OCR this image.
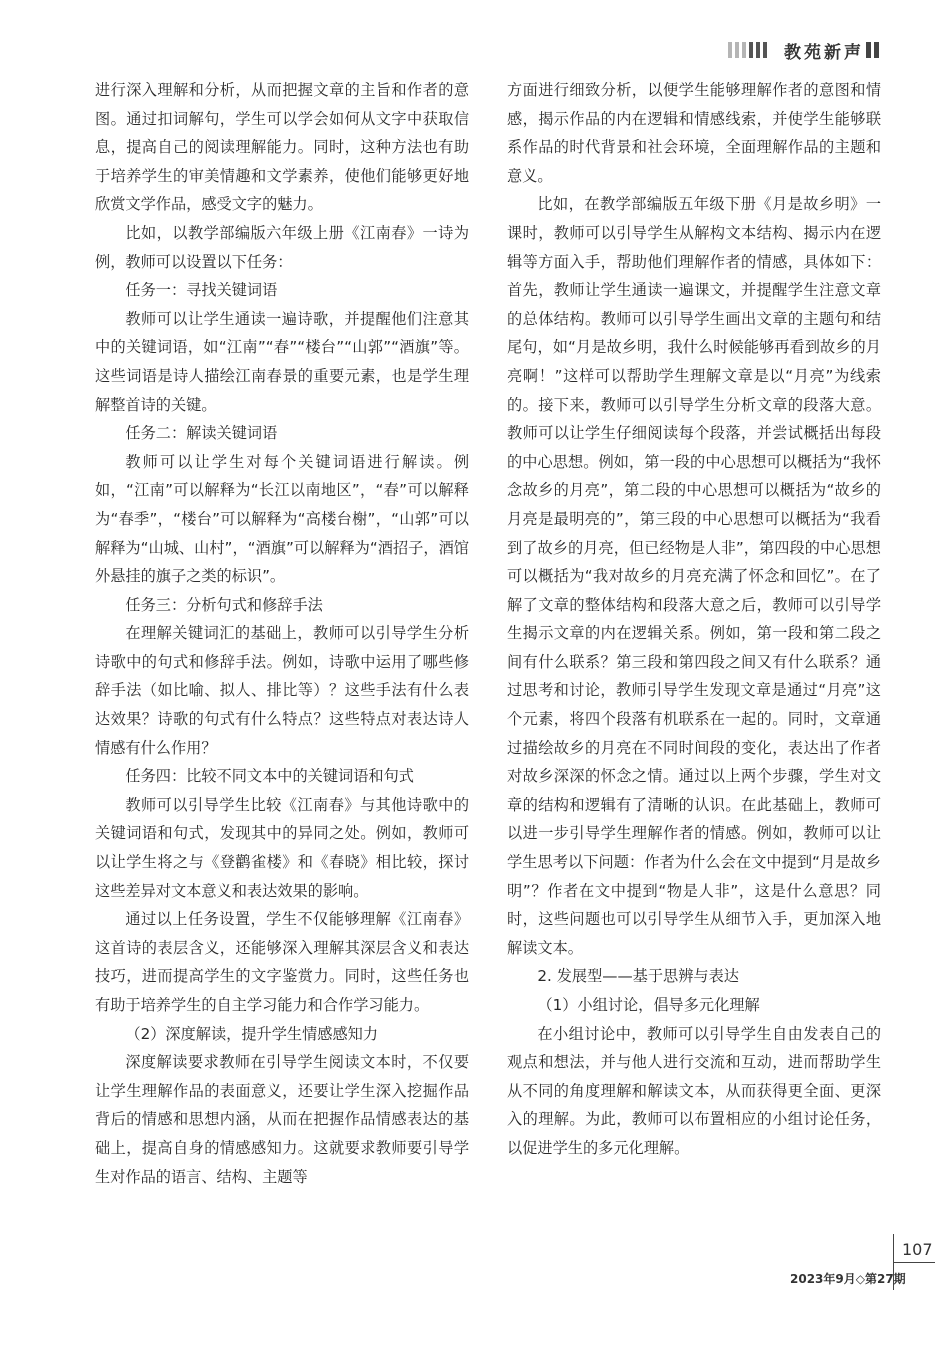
教苑新声

进行深入理解和分析，从而把握文章的主旨和作者的意图。通过扣词解句，学生可以学会如何从文字中获取信息，提高自己的阅读理解能力。同时，这种方法也有助于培养学生的审美情趣和文学素养，使他们能够更好地欣赏文学作品，感受文字的魅力。

比如，以教学部编版六年级上册《江南春》一诗为例，教师可以设置以下任务：

任务一：寻找关键词语

教师可以让学生通读一遍诗歌，并提醒他们注意其中的关键词语，如“江南”“春”“楼台”“山郭”“酒旗”等。这些词语是诗人描绘江南春景的重要元素，也是学生理解整首诗的关键。

任务二：解读关键词语

教师可以让学生对每个关键词语进行解读。例如，“江南”可以解释为“长江以南地区”，“春”可以解释为“春季”，“楼台”可以解释为“高楼台榭”，“山郭”可以解释为“山城、山村”，“酒旗”可以解释为“酒招子，酒馆外悬挂的旗子之类的标识”。

任务三：分析句式和修辞手法

在理解关键词汇的基础上，教师可以引导学生分析诗歌中的句式和修辞手法。例如，诗歌中运用了哪些修辞手法（如比喻、拟人、排比等）？这些手法有什么表达效果？诗歌的句式有什么特点？这些特点对表达诗人情感有什么作用？

任务四：比较不同文本中的关键词语和句式

教师可以引导学生比较《江南春》与其他诗歌中的关键词语和句式，发现其中的异同之处。例如，教师可以让学生将之与《登鹳雀楼》和《春晓》相比较，探讨这些差异对文本意义和表达效果的影响。

通过以上任务设置，学生不仅能够理解《江南春》这首诗的表层含义，还能够深入理解其深层含义和表达技巧，进而提高学生的文字鉴赏力。同时，这些任务也有助于培养学生的自主学习能力和合作学习能力。

（2）深度解读，提升学生情感感知力

深度解读要求教师在引导学生阅读文本时，不仅要让学生理解作品的表面意义，还要让学生深入挖掘作品背后的情感和思想内涵，从而在把握作品情感表达的基础上，提高自身的情感感知力。这就要求教师要引导学生对作品的语言、结构、主题等

方面进行细致分析，以便学生能够理解作者的意图和情感，揭示作品的内在逻辑和情感线索，并使学生能够联系作品的时代背景和社会环境，全面理解作品的主题和意义。

比如，在教学部编版五年级下册《月是故乡明》一课时，教师可以引导学生从解构文本结构、揭示内在逻辑等方面入手，帮助他们理解作者的情感，具体如下：首先，教师让学生通读一遍课文，并提醒学生注意文章的总体结构。教师可以引导学生画出文章的主题句和结尾句，如“月是故乡明，我什么时候能够再看到故乡的月亮啊！”这样可以帮助学生理解文章是以“月亮”为线索的。接下来，教师可以引导学生分析文章的段落大意。教师可以让学生仔细阅读每个段落，并尝试概括出每段的中心思想。例如，第一段的中心思想可以概括为“我怀念故乡的月亮”，第二段的中心思想可以概括为“故乡的月亮是最明亮的”，第三段的中心思想可以概括为“我看到了故乡的月亮，但已经物是人非”，第四段的中心思想可以概括为“我对故乡的月亮充满了怀念和回忆”。在了解了文章的整体结构和段落大意之后，教师可以引导学生揭示文章的内在逻辑关系。例如，第一段和第二段之间有什么联系？第三段和第四段之间又有什么联系？通过思考和讨论，教师引导学生发现文章是通过“月亮”这个元素，将四个段落有机联系在一起的。同时，文章通过描绘故乡的月亮在不同时间段的变化，表达出了作者对故乡深深的怀念之情。通过以上两个步骤，学生对文章的结构和逻辑有了清晰的认识。在此基础上，教师可以进一步引导学生理解作者的情感。例如，教师可以让学生思考以下问题：作者为什么会在文中提到“月是故乡明”？作者在文中提到“物是人非”，这是什么意思？同时，这些问题也可以引导学生从细节入手，更加深入地解读文本。

2. 发展型——基于思辨与表达

（1）小组讨论，倡导多元化理解

在小组讨论中，教师可以引导学生自由发表自己的观点和想法，并与他人进行交流和互动，进而帮助学生从不同的角度理解和解读文本，从而获得更全面、更深入的理解。为此，教师可以布置相应的小组讨论任务，以促进学生的多元化理解。

107
2023年9月◇第27期
